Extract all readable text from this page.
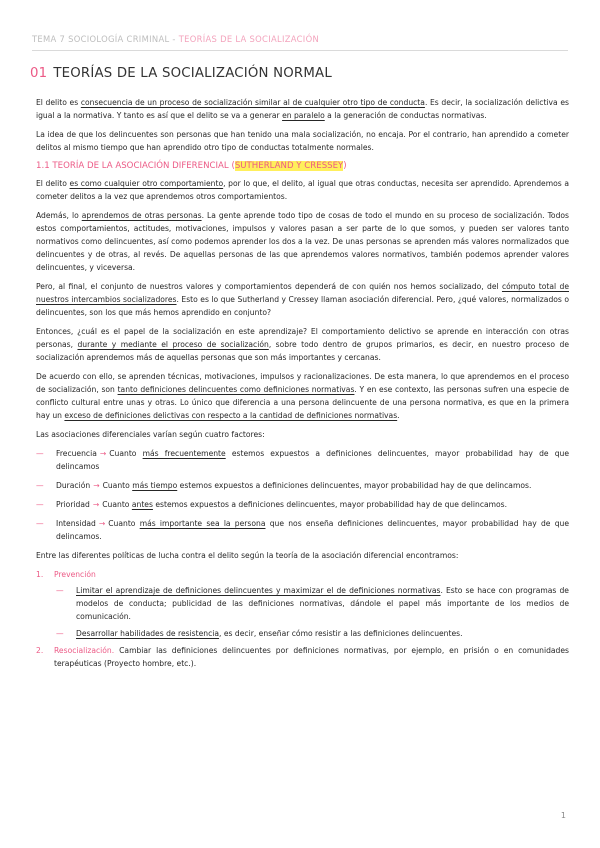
TEMA 7 SOCIOLOGÍA CRIMINAL - TEORÍAS DE LA SOCIALIZACIÓN
01 TEORÍAS DE LA SOCIALIZACIÓN NORMAL

El delito es consecuencia de un proceso de socialización similar al de cualquier otro tipo de conducta. Es decir, la socialización delictiva es igual a la normativa. Y tanto es así que el delito se va a generar en paralelo a la generación de conductas normativas.

La idea de que los delincuentes son personas que han tenido una mala socialización, no encaja. Por el contrario, han aprendido a cometer delitos al mismo tiempo que han aprendido otro tipo de conductas totalmente normales.

1.1 TEORÍA DE LA ASOCIACIÓN DIFERENCIAL (SUTHERLAND Y CRESSEY)

El delito es como cualquier otro comportamiento, por lo que, el delito, al igual que otras conductas, necesita ser aprendido. Aprendemos a cometer delitos a la vez que aprendemos otros comportamientos.

Además, lo aprendemos de otras personas. La gente aprende todo tipo de cosas de todo el mundo en su proceso de socialización. Todos estos comportamientos, actitudes, motivaciones, impulsos y valores pasan a ser parte de lo que somos, y pueden ser valores tanto normativos como delincuentes, así como podemos aprender los dos a la vez. De unas personas se aprenden más valores normalizados que delincuentes y de otras, al revés. De aquellas personas de las que aprendemos valores normativos, también podemos aprender valores delincuentes, y viceversa.

Pero, al final, el conjunto de nuestros valores y comportamientos dependerá de con quién nos hemos socializado, del cómputo total de nuestros intercambios socializadores. Esto es lo que Sutherland y Cressey llaman asociación diferencial. Pero, ¿qué valores, normalizados o delincuentes, son los que más hemos aprendido en conjunto?

Entonces, ¿cuál es el papel de la socialización en este aprendizaje? El comportamiento delictivo se aprende en interacción con otras personas, durante y mediante el proceso de socialización, sobre todo dentro de grupos primarios, es decir, en nuestro proceso de socialización aprendemos más de aquellas personas que son más importantes y cercanas.

De acuerdo con ello, se aprenden técnicas, motivaciones, impulsos y racionalizaciones. De esta manera, lo que aprendemos en el proceso de socialización, son tanto definiciones delincuentes como definiciones normativas. Y en ese contexto, las personas sufren una especie de conflicto cultural entre unas y otras. Lo único que diferencia a una persona delincuente de una persona normativa, es que en la primera hay un exceso de definiciones delictivas con respecto a la cantidad de definiciones normativas.

Las asociaciones diferenciales varían según cuatro factores:

— Frecuencia → Cuanto más frecuentemente estemos expuestos a definiciones delincuentes, mayor probabilidad hay de que delincamos
— Duración → Cuanto más tiempo estemos expuestos a definiciones delincuentes, mayor probabilidad hay de que delincamos.
— Prioridad → Cuanto antes estemos expuestos a definiciones delincuentes, mayor probabilidad hay de que delincamos.
— Intensidad → Cuanto más importante sea la persona que nos enseña definiciones delincuentes, mayor probabilidad hay de que delincamos.

Entre las diferentes políticas de lucha contra el delito según la teoría de la asociación diferencial encontramos:

1. Prevención
— Limitar el aprendizaje de definiciones delincuentes y maximizar el de definiciones normativas. Esto se hace con programas de modelos de conducta; publicidad de las definiciones normativas, dándole el papel más importante de los medios de comunicación.
— Desarrollar habilidades de resistencia, es decir, enseñar cómo resistir a las definiciones delincuentes.
2. Resocialización. Cambiar las definiciones delincuentes por definiciones normativas, por ejemplo, en prisión o en comunidades terapéuticas (Proyecto hombre, etc.).
1
